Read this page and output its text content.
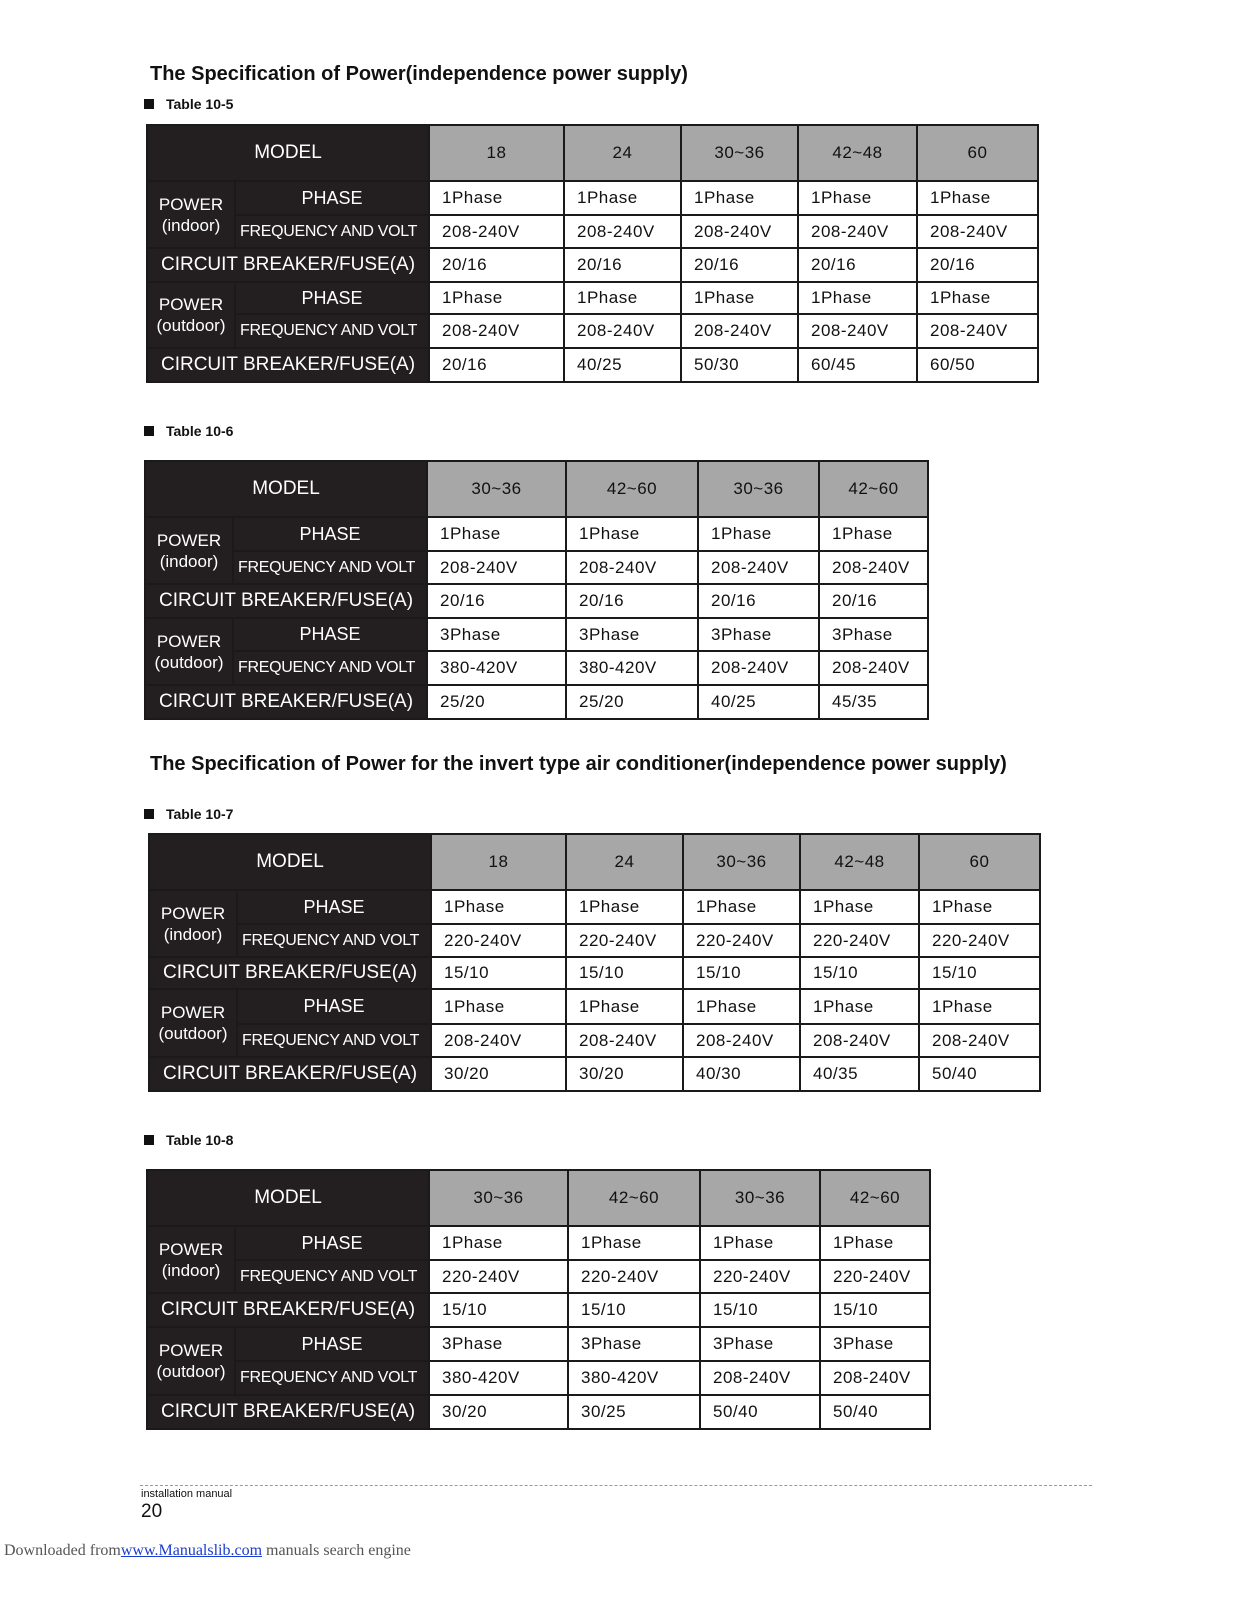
The Specification of Power(independence power supply)
Table 10-5
MODEL		18	24	30~36	42~48	60
POWER (indoor)	PHASE	1Phase	1Phase	1Phase	1Phase	1Phase
	FREQUENCY AND VOLT	208-240V	208-240V	208-240V	208-240V	208-240V
CIRCUIT BREAKER/FUSE(A)		20/16	20/16	20/16	20/16	20/16
POWER (outdoor)	PHASE	1Phase	1Phase	1Phase	1Phase	1Phase
	FREQUENCY AND VOLT	208-240V	208-240V	208-240V	208-240V	208-240V
CIRCUIT BREAKER/FUSE(A)		20/16	40/25	50/30	60/45	60/50
Table 10-6
MODEL		30~36	42~60	30~36	42~60
POWER (indoor)	PHASE	1Phase	1Phase	1Phase	1Phase
	FREQUENCY AND VOLT	208-240V	208-240V	208-240V	208-240V
CIRCUIT BREAKER/FUSE(A)		20/16	20/16	20/16	20/16
POWER (outdoor)	PHASE	3Phase	3Phase	3Phase	3Phase
	FREQUENCY AND VOLT	380-420V	380-420V	208-240V	208-240V
CIRCUIT BREAKER/FUSE(A)		25/20	25/20	40/25	45/35
The Specification of Power for the invert type air conditioner(independence power supply)
Table 10-7
MODEL		18	24	30~36	42~48	60
POWER (indoor)	PHASE	1Phase	1Phase	1Phase	1Phase	1Phase
	FREQUENCY AND VOLT	220-240V	220-240V	220-240V	220-240V	220-240V
CIRCUIT BREAKER/FUSE(A)		15/10	15/10	15/10	15/10	15/10
POWER (outdoor)	PHASE	1Phase	1Phase	1Phase	1Phase	1Phase
	FREQUENCY AND VOLT	208-240V	208-240V	208-240V	208-240V	208-240V
CIRCUIT BREAKER/FUSE(A)		30/20	30/20	40/30	40/35	50/40
Table 10-8
MODEL		30~36	42~60	30~36	42~60
POWER (indoor)	PHASE	1Phase	1Phase	1Phase	1Phase
	FREQUENCY AND VOLT	220-240V	220-240V	220-240V	220-240V
CIRCUIT BREAKER/FUSE(A)		15/10	15/10	15/10	15/10
POWER (outdoor)	PHASE	3Phase	3Phase	3Phase	3Phase
	FREQUENCY AND VOLT	380-420V	380-420V	208-240V	208-240V
CIRCUIT BREAKER/FUSE(A)		30/20	30/25	50/40	50/40
installation manual
20
Downloaded fromwww.Manualslib.com manuals search engine
